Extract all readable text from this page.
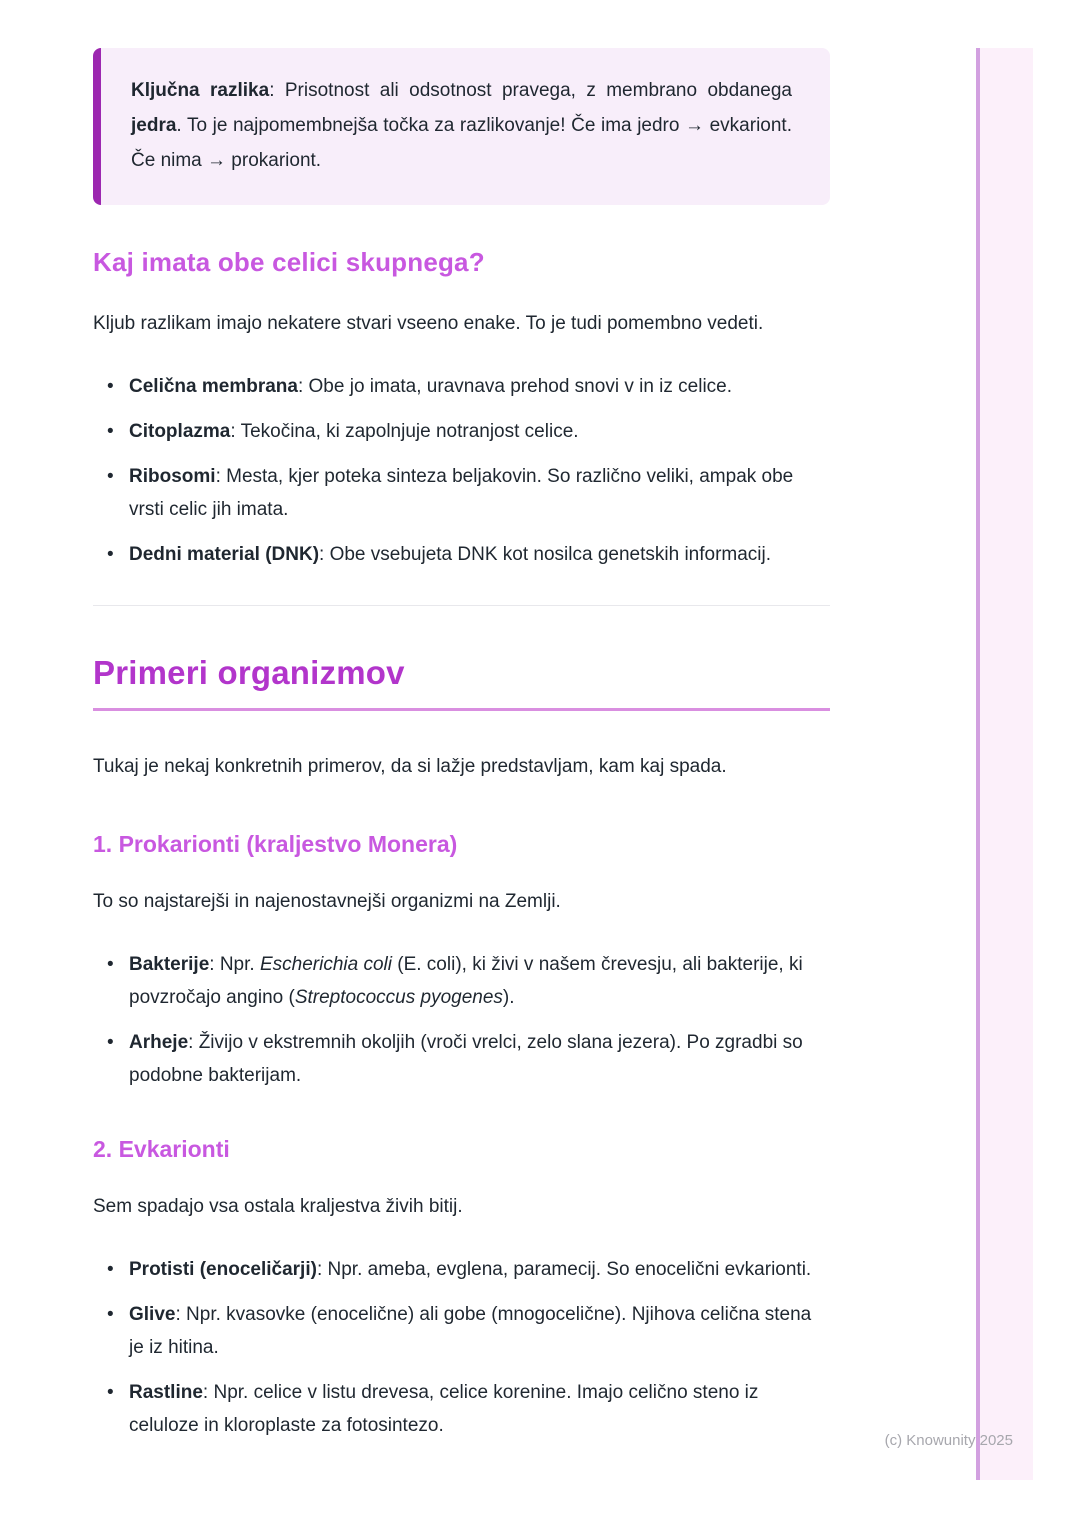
(c) Knowunity 2025
Ključna razlika: Prisotnost ali odsotnost pravega, z membrano obdanega jedra. To je najpomembnejša točka za razlikovanje! Če ima jedro → evkariont. Če nima → prokariont.
Kaj imata obe celici skupnega?

Kljub razlikam imajo nekatere stvari vseeno enake. To je tudi pomembno vedeti.

• Celična membrana: Obe jo imata, uravnava prehod snovi v in iz celice.
• Citoplazma: Tekočina, ki zapolnjuje notranjost celice.
• Ribosomi: Mesta, kjer poteka sinteza beljakovin. So različno veliki, ampak obe vrsti celic jih imata.
• Dedni material (DNK): Obe vsebujeta DNK kot nosilca genetskih informacij.
Primeri organizmov

Tukaj je nekaj konkretnih primerov, da si lažje predstavljam, kam kaj spada.

1. Prokarionti (kraljestvo Monera)

To so najstarejši in najenostavnejši organizmi na Zemlji.

• Bakterije: Npr. Escherichia coli (E. coli), ki živi v našem črevesju, ali bakterije, ki povzročajo angino (Streptococcus pyogenes).
• Arheje: Živijo v ekstremnih okoljih (vroči vrelci, zelo slana jezera). Po zgradbi so podobne bakterijam.
2. Evkarionti

Sem spadajo vsa ostala kraljestva živih bitij.

• Protisti (enoceličarji): Npr. ameba, evglena, paramecij. So enocelični evkarionti.
• Glive: Npr. kvasovke (enocelične) ali gobe (mnogocelične). Njihova celična stena je iz hitina.
• Rastline: Npr. celice v listu drevesa, celice korenine. Imajo celično steno iz celuloze in kloroplaste za fotosintezo.
